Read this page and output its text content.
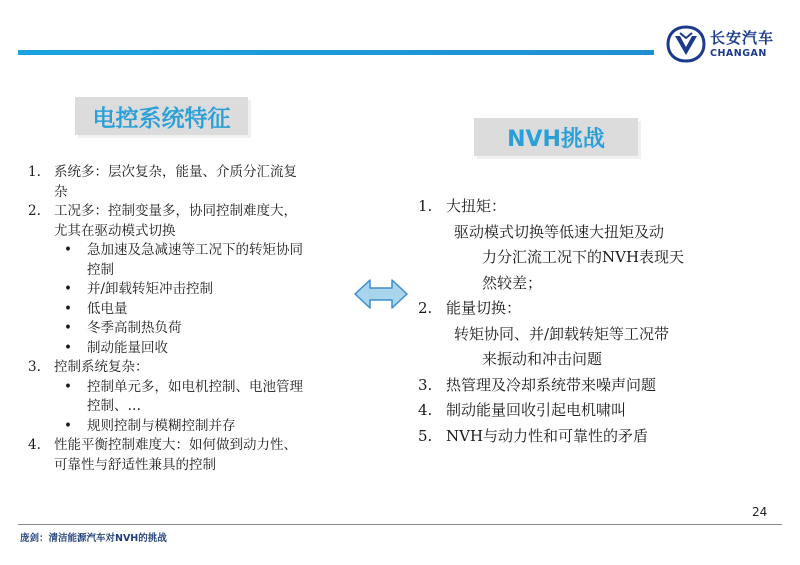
长安汽车
CHANGAN
电控系统特征
NVH挑战
1. 系统多：层次复杂，能量、介质分汇流复
杂
2. 工况多：控制变量多，协同控制难度大，
尤其在驱动模式切换
• 急加速及急减速等工况下的转矩协同
控制
• 并/卸载转矩冲击控制
• 低电量
• 冬季高制热负荷
• 制动能量回收
3. 控制系统复杂：
• 控制单元多，如电机控制、电池管理
控制、…
• 规则控制与模糊控制并存
4. 性能平衡控制难度大：如何做到动力性、
可靠性与舒适性兼具的控制
1. 大扭矩：
驱动模式切换等低速大扭矩及动
力分汇流工况下的NVH表现天
然较差；
2. 能量切换：
转矩协同、并/卸载转矩等工况带
来振动和冲击问题
3. 热管理及冷却系统带来噪声问题
4. 制动能量回收引起电机啸叫
5. NVH与动力性和可靠性的矛盾
24
庞剑：清洁能源汽车对NVH的挑战
